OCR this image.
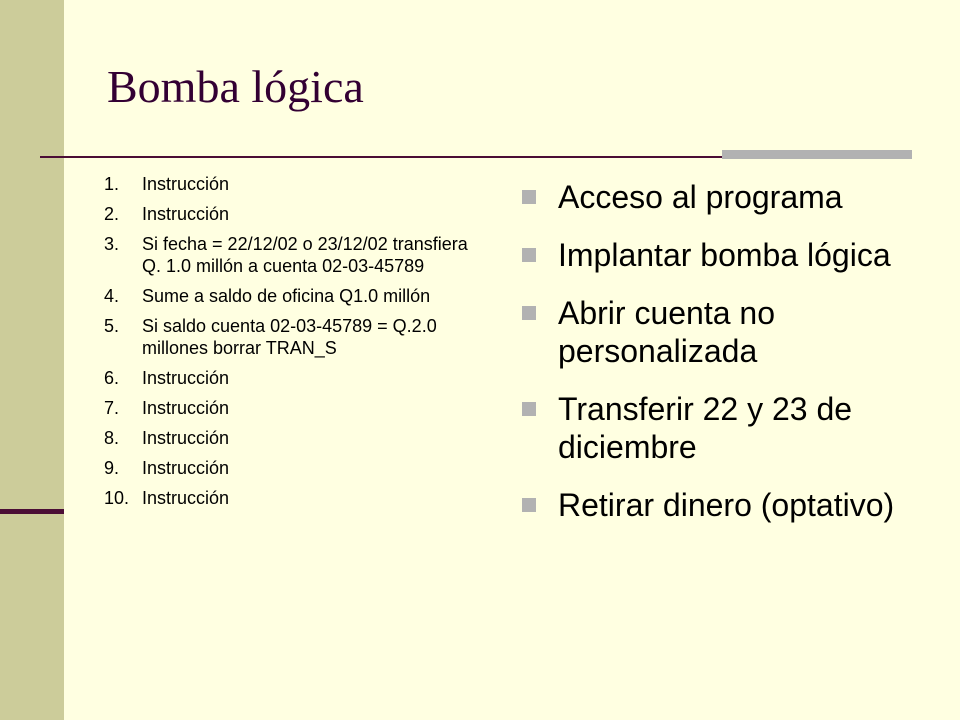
Bomba lógica
1.	Instrucción
2.	Instrucción
3.	Si fecha = 22/12/02 o 23/12/02 transfiera Q. 1.0 millón a cuenta 02-03-45789
4.	Sume a saldo de oficina Q1.0 millón
5.	Si saldo cuenta 02-03-45789 = Q.2.0 millones borrar TRAN_S
6.	Instrucción
7.	Instrucción
8.	Instrucción
9.	Instrucción
10. Instrucción
Acceso al programa
Implantar bomba lógica
Abrir cuenta no personalizada
Transferir 22 y 23 de diciembre
Retirar dinero (optativo)
